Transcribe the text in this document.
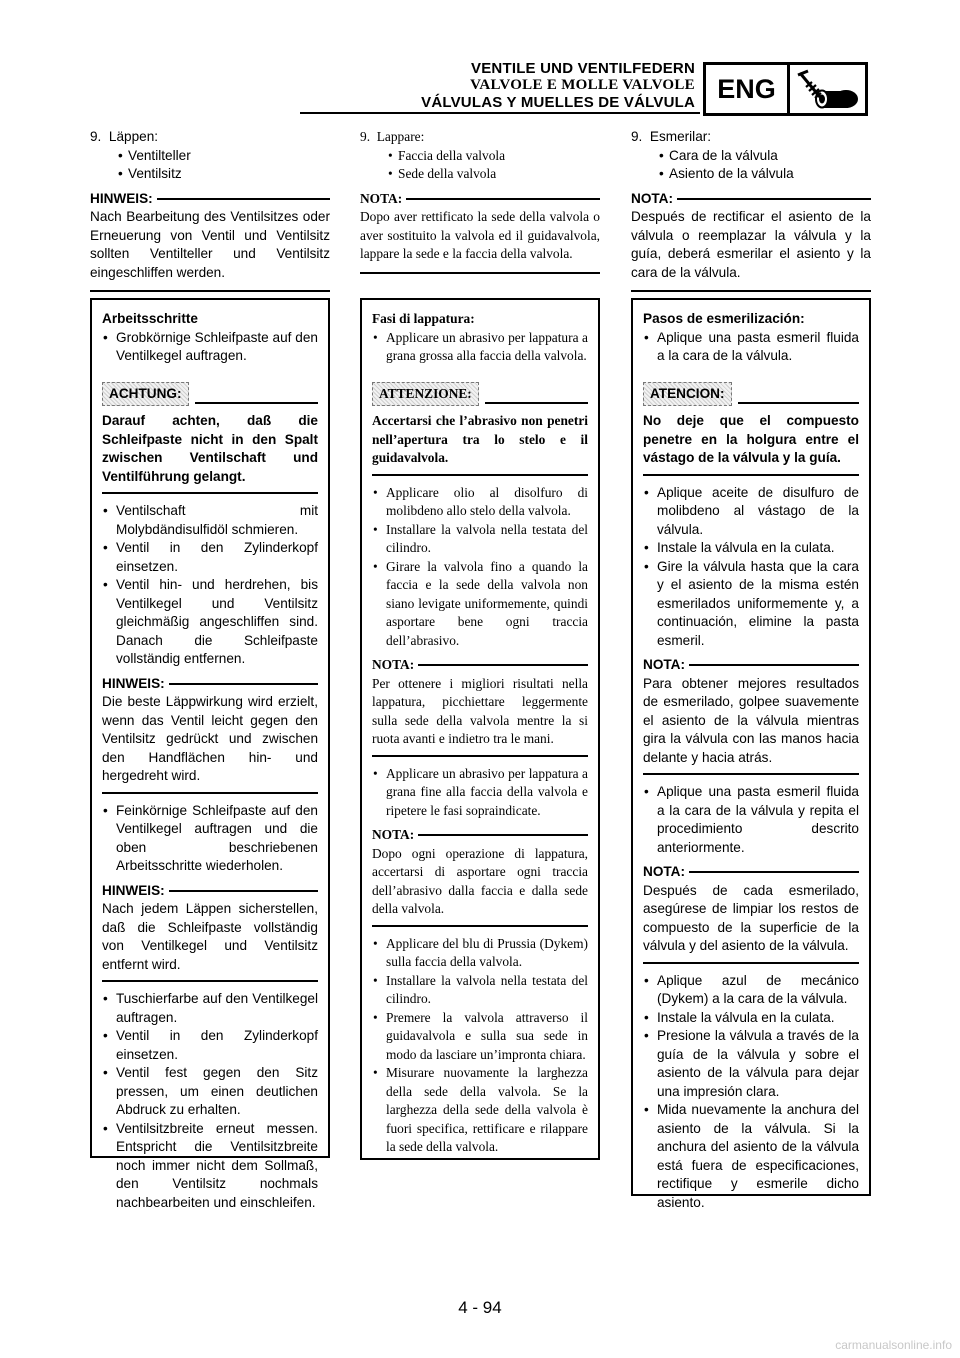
VENTILE UND VENTILFEDERN
VALVOLE E MOLLE VALVOLE
VÁLVULAS Y MUELLES DE VÁLVULA ENG
9.  Läppen:
• Ventilteller
• Ventilsitz
HINWEIS:
Nach Bearbeitung des Ventilsitzes oder Erneuerung von Ventil und Ventilsitz sollten Ventilteller und Ventilsitz eingeschliffen werden.
Arbeitsschritte
• Grobkörnige Schleifpaste auf den Ventilkegel auftragen.
ACHTUNG:
Darauf achten, daß die Schleifpaste nicht in den Spalt zwischen Ventilschaft und Ventilführung gelangt.
• Ventilschaft mit Molybdändisulfidöl schmieren.
• Ventil in den Zylinderkopf einsetzen.
• Ventil hin- und herdrehen, bis Ventilkegel und Ventilsitz gleichmäßig angeschliffen sind. Danach die Schleifpaste vollständig entfernen.
HINWEIS:
Die beste Läppwirkung wird erzielt, wenn das Ventil leicht gegen den Ventilsitz gedrückt und zwischen den Handflächen hin- und hergedreht wird.
• Feinkörnige Schleifpaste auf den Ventilkegel auftragen und die oben beschriebenen Arbeitsschritte wiederholen.
HINWEIS:
Nach jedem Läppen sicherstellen, daß die Schleifpaste vollständig von Ventilkegel und Ventilsitz entfernt wird.
• Tuschierfarbe auf den Ventilkegel auftragen.
• Ventil in den Zylinderkopf einsetzen.
• Ventil fest gegen den Sitz pressen, um einen deutlichen Abdruck zu erhalten.
• Ventilsitzbreite erneut messen. Entspricht die Ventilsitzbreite noch immer nicht dem Sollmaß, den Ventilsitz nochmals nachbearbeiten und einschleifen.
9.  Lappare:
• Faccia della valvola
• Sede della valvola
NOTA:
Dopo aver rettificato la sede della valvola o aver sostituito la valvola ed il guidavalvola, lappare la sede e la faccia della valvola.
Fasi di lappatura:
• Applicare un abrasivo per lappatura a grana grossa alla faccia della valvola.
ATTENZIONE:
Accertarsi che l’abrasivo non penetri nell’apertura tra lo stelo e il guidavalvola.
• Applicare olio al disolfuro di molibdeno allo stelo della valvola.
• Installare la valvola nella testata del cilindro.
• Girare la valvola fino a quando la faccia e la sede della valvola non siano levigate uniformemente, quindi asportare bene ogni traccia dell’abrasivo.
NOTA:
Per ottenere i migliori risultati nella lappatura, picchiettare leggermente sulla sede della valvola mentre la si ruota avanti e indietro tra le mani.
• Applicare un abrasivo per lappatura a grana fine alla faccia della valvola e ripetere le fasi sopraindicate.
NOTA:
Dopo ogni operazione di lappatura, accertarsi di asportare ogni traccia dell’abrasivo dalla faccia e dalla sede della valvola.
• Applicare del blu di Prussia (Dykem) sulla faccia della valvola.
• Installare la valvola nella testata del cilindro.
• Premere la valvola attraverso il guidavalvola e sulla sua sede in modo da lasciare un’impronta chiara.
• Misurare nuovamente la larghezza della sede della valvola. Se la larghezza della sede della valvola è fuori specifica, rettificare e rilappare la sede della valvola.
9.  Esmerilar:
• Cara de la válvula
• Asiento de la válvula
NOTA:
Después de rectificar el asiento de la válvula o reemplazar la válvula y la guía, deberá esmerilar el asiento y la cara de la válvula.
Pasos de esmerilización:
• Aplique una pasta esmeril fluida a la cara de la válvula.
ATENCION:
No deje que el compuesto penetre en la holgura entre el vástago de la válvula y la guía.
• Aplique aceite de disulfuro de molibdeno al vástago de la válvula.
• Instale la válvula en la culata.
• Gire la válvula hasta que la cara y el asiento de la misma estén esmerilados uniformemente y, a continuación, elimine la pasta esmeril.
NOTA:
Para obtener mejores resultados de esmerilado, golpee suavemente el asiento de la válvula mientras gira la válvula con las manos hacia delante y hacia atrás.
• Aplique una pasta esmeril fluida a la cara de la válvula y repita el procedimiento descrito anteriormente.
NOTA:
Después de cada esmerilado, asegúrese de limpiar los restos de compuesto de la superficie de la válvula y del asiento de la válvula.
• Aplique azul de mecánico (Dykem) a la cara de la válvula.
• Instale la válvula en la culata.
• Presione la válvula a través de la guía de la válvula y sobre el asiento de la válvula para dejar una impresión clara.
• Mida nuevamente la anchura del asiento de la válvula. Si la anchura del asiento de la válvula está fuera de especificaciones, rectifique y esmerile dicho asiento.
4 - 94
carmanualsonline.info
